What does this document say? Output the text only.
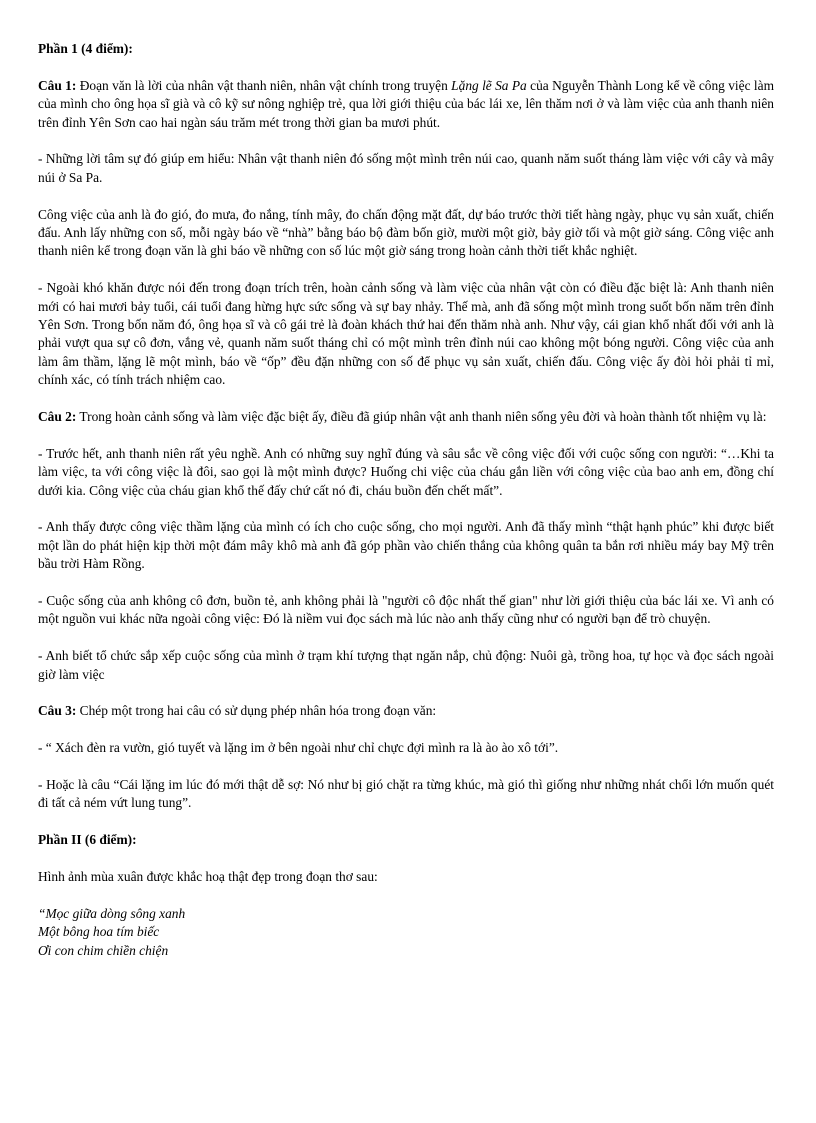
Phần 1 (4 điểm):

Câu 1: Đoạn văn là lời của nhân vật thanh niên, nhân vật chính trong truyện Lặng lẽ Sa Pa của Nguyễn Thành Long kể về công việc làm của mình cho ông họa sĩ già và cô kỹ sư nông nghiệp trẻ, qua lời giới thiệu của bác lái xe, lên thăm nơi ở và làm việc của anh thanh niên trên đỉnh Yên Sơn cao hai ngàn sáu trăm mét trong thời gian ba mươi phút.

- Những lời tâm sự đó giúp em hiểu: Nhân vật thanh niên đó sống một mình trên núi cao, quanh năm suốt tháng làm việc với cây và mây núi ở Sa Pa.

Công việc của anh là đo gió, đo mưa, đo nắng, tính mây, đo chấn động mặt đất, dự báo trước thời tiết hàng ngày, phục vụ sản xuất, chiến đấu. Anh lấy những con số, mỗi ngày báo về “nhà” bằng báo bộ đàm bốn giờ, mười một giờ, bảy giờ tối và một giờ sáng. Công việc anh thanh niên kể trong đoạn văn là ghi báo về những con số lúc một giờ sáng trong hoàn cảnh thời tiết khắc nghiệt.

- Ngoài khó khăn được nói đến trong đoạn trích trên, hoàn cảnh sống và làm việc của nhân vật còn có điều đặc biệt là: Anh thanh niên mới có hai mươi bảy tuổi, cái tuổi đang hừng hực sức sống và sự bay nhảy. Thế mà, anh đã sống một mình trong suốt bốn năm trên đỉnh Yên Sơn. Trong bốn năm đó, ông họa sĩ và cô gái trẻ là đoàn khách thứ hai đến thăm nhà anh. Như vậy, cái gian khổ nhất đối với anh là phải vượt qua sự cô đơn, vắng vẻ, quanh năm suốt tháng chỉ có một mình trên đỉnh núi cao không một bóng người. Công việc của anh làm âm thầm, lặng lẽ một mình, báo về “ốp” đều đặn những con số để phục vụ sản xuất, chiến đấu. Công việc ấy đòi hỏi phải tỉ mỉ, chính xác, có tính trách nhiệm cao.

Câu 2: Trong hoàn cảnh sống và làm việc đặc biệt ấy, điều đã giúp nhân vật anh thanh niên sống yêu đời và hoàn thành tốt nhiệm vụ là:

- Trước hết, anh thanh niên rất yêu nghề. Anh có những suy nghĩ đúng và sâu sắc về công việc đối với cuộc sống con người: “…Khi ta làm việc, ta với công việc là đôi, sao gọi là một mình được? Huống chi việc của cháu gắn liền với công việc của bao anh em, đồng chí dưới kia. Công việc của cháu gian khổ thế đấy chứ cất nó đi, cháu buồn đến chết mất”.

- Anh thấy được công việc thầm lặng của mình có ích cho cuộc sống, cho mọi người. Anh đã thấy mình “thật hạnh phúc” khi được biết một lần do phát hiện kịp thời một đám mây khô mà anh đã góp phần vào chiến thắng của không quân ta bắn rơi nhiều máy bay Mỹ trên bầu trời Hàm Rồng.

- Cuộc sống của anh không cô đơn, buồn tẻ, anh không phải là "người cô độc nhất thế gian" như lời giới thiệu của bác lái xe. Vì anh có một nguồn vui khác nữa ngoài công việc: Đó là niềm vui đọc sách mà lúc nào anh thấy cũng như có người bạn để trò chuyện.

- Anh biết tổ chức sắp xếp cuộc sống của mình ở trạm khí tượng thạt ngăn nắp, chủ động: Nuôi gà, trồng hoa, tự học và đọc sách ngoài giờ làm việc

Câu 3: Chép một trong hai câu có sử dụng phép nhân hóa trong đoạn văn:

- “ Xách đèn ra vườn, gió tuyết và lặng im ở bên ngoài như chỉ chực đợi mình ra là ào ào xô tới”.

- Hoặc là câu “Cái lặng im lúc đó mới thật dễ sợ: Nó như bị gió chặt ra từng khúc, mà gió thì giống như những nhát chổi lớn muốn quét đi tất cả ném vứt lung tung”.

Phần II (6 điểm):

Hình ảnh mùa xuân được khắc hoạ thật đẹp trong đoạn thơ sau:

“Mọc giữa dòng sông xanh

Một bông hoa tím biếc

Ơi con chim chiền chiện
